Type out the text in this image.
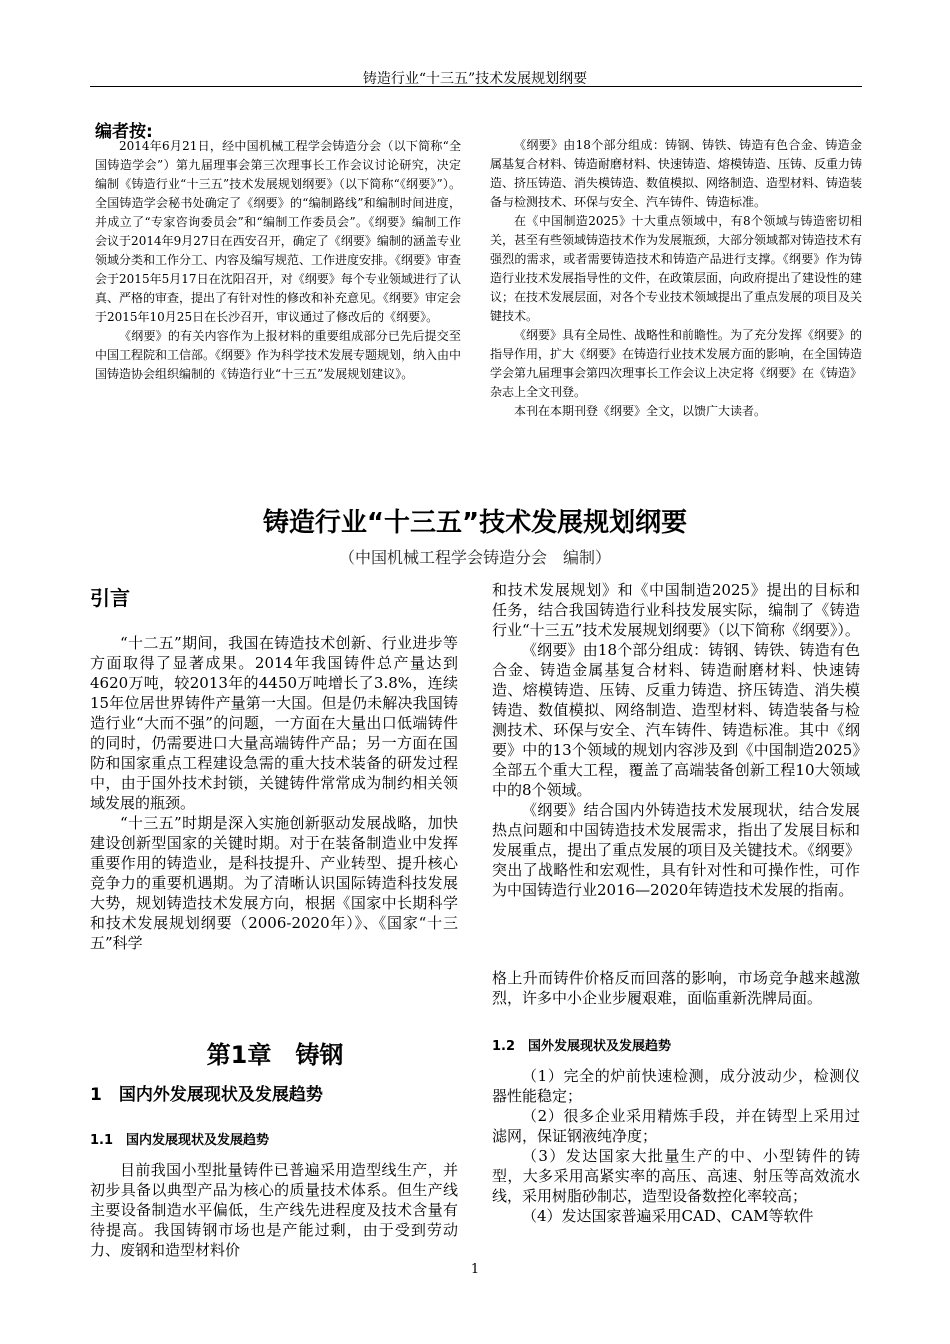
铸造行业“十三五”技术发展规划纲要
编者按:

2014年6月21日，经中国机械工程学会铸造分会（以下简称“全国铸造学会”）第九届理事会第三次理事长工作会议讨论研究，决定编制《铸造行业“十三五”技术发展规划纲要》（以下简称“《纲要》”）。全国铸造学会秘书处确定了《纲要》的“编制路线”和编制时间进度，并成立了“专家咨询委员会”和“编制工作委员会”。《纲要》编制工作会议于2014年9月27日在西安召开，确定了《纲要》编制的涵盖专业领域分类和工作分工、内容及编写规范、工作进度安排。《纲要》审查会于2015年5月17日在沈阳召开，对《纲要》每个专业领域进行了认真、严格的审查，提出了有针对性的修改和补充意见。《纲要》审定会于2015年10月25日在长沙召开，审议通过了修改后的《纲要》。

《纲要》的有关内容作为上报材料的重要组成部分已先后提交至中国工程院和工信部。《纲要》作为科学技术发展专题规划，纳入由中国铸造协会组织编制的《铸造行业“十三五”发展规划建议》。

《纲要》由18个部分组成：铸钢、铸铁、铸造有色合金、铸造金属基复合材料、铸造耐磨材料、快速铸造、熔模铸造、压铸、反重力铸造、挤压铸造、消失模铸造、数值模拟、网络制造、造型材料、铸造装备与检测技术、环保与安全、汽车铸件、铸造标准。

在《中国制造2025》十大重点领域中，有8个领域与铸造密切相关，甚至有些领域铸造技术作为发展瓶颈，大部分领域都对铸造技术有强烈的需求，或者需要铸造技术和铸造产品进行支撑。《纲要》作为铸造行业技术发展指导性的文件，在政策层面，向政府提出了建设性的建议；在技术发展层面，对各个专业技术领域提出了重点发展的项目及关键技术。

《纲要》具有全局性、战略性和前瞻性。为了充分发挥《纲要》的指导作用，扩大《纲要》在铸造行业技术发展方面的影响，在全国铸造学会第九届理事会第四次理事长工作会议上决定将《纲要》在《铸造》杂志上全文刊登。

本刊在本期刊登《纲要》全文，以馈广大读者。

铸造行业“十三五”技术发展规划纲要
（中国机械工程学会铸造分会　编制）
引言

“十二五”期间，我国在铸造技术创新、行业进步等方面取得了显著成果。2014年我国铸件总产量达到4620万吨，较2013年的4450万吨增长了3.8%，连续15年位居世界铸件产量第一大国。但是仍未解决我国铸造行业“大而不强”的问题，一方面在大量出口低端铸件的同时，仍需要进口大量高端铸件产品；另一方面在国防和国家重点工程建设急需的重大技术装备的研发过程中，由于国外技术封锁，关键铸件常常成为制约相关领域发展的瓶颈。

“十三五”时期是深入实施创新驱动发展战略，加快建设创新型国家的关键时期。对于在装备制造业中发挥重要作用的铸造业，是科技提升、产业转型、提升核心竞争力的重要机遇期。为了清晰认识国际铸造科技发展大势，规划铸造技术发展方向，根据《国家中长期科学和技术发展规划纲要（2006-2020年）》、《国家“十三五”科学

和技术发展规划》和《中国制造2025》提出的目标和任务，结合我国铸造行业科技发展实际，编制了《铸造行业“十三五”技术发展规划纲要》（以下简称《纲要》）。

《纲要》由18个部分组成：铸钢、铸铁、铸造有色合金、铸造金属基复合材料、铸造耐磨材料、快速铸造、熔模铸造、压铸、反重力铸造、挤压铸造、消失模铸造、数值模拟、网络制造、造型材料、铸造装备与检测技术、环保与安全、汽车铸件、铸造标准。其中《纲要》中的13个领域的规划内容涉及到《中国制造2025》全部五个重大工程，覆盖了高端装备创新工程10大领域中的8个领域。

《纲要》结合国内外铸造技术发展现状，结合发展热点问题和中国铸造技术发展需求，指出了发展目标和发展重点，提出了重点发展的项目及关键技术。《纲要》突出了战略性和宏观性，具有针对性和可操作性，可作为中国铸造行业2016—2020年铸造技术发展的指南。

第1章　铸钢
1　国内外发展现状及发展趋势
1.1　国内发展现状及发展趋势

目前我国小型批量铸件已普遍采用造型线生产，并初步具备以典型产品为核心的质量技术体系。但生产线主要设备制造水平偏低，生产线先进程度及技术含量有待提高。我国铸钢市场也是产能过剩，由于受到劳动力、废钢和造型材料价

格上升而铸件价格反而回落的影响，市场竞争越来越激烈，许多中小企业步履艰难，面临重新洗牌局面。

1.2　国外发展现状及发展趋势

（1）完全的炉前快速检测，成分波动少，检测仪器性能稳定；

（2）很多企业采用精炼手段，并在铸型上采用过滤网，保证钢液纯净度；

（3）发达国家大批量生产的中、小型铸件的铸型，大多采用高紧实率的高压、高速、射压等高效流水线，采用树脂砂制芯，造型设备数控化率较高；

（4）发达国家普遍采用CAD、CAM等软件

1
